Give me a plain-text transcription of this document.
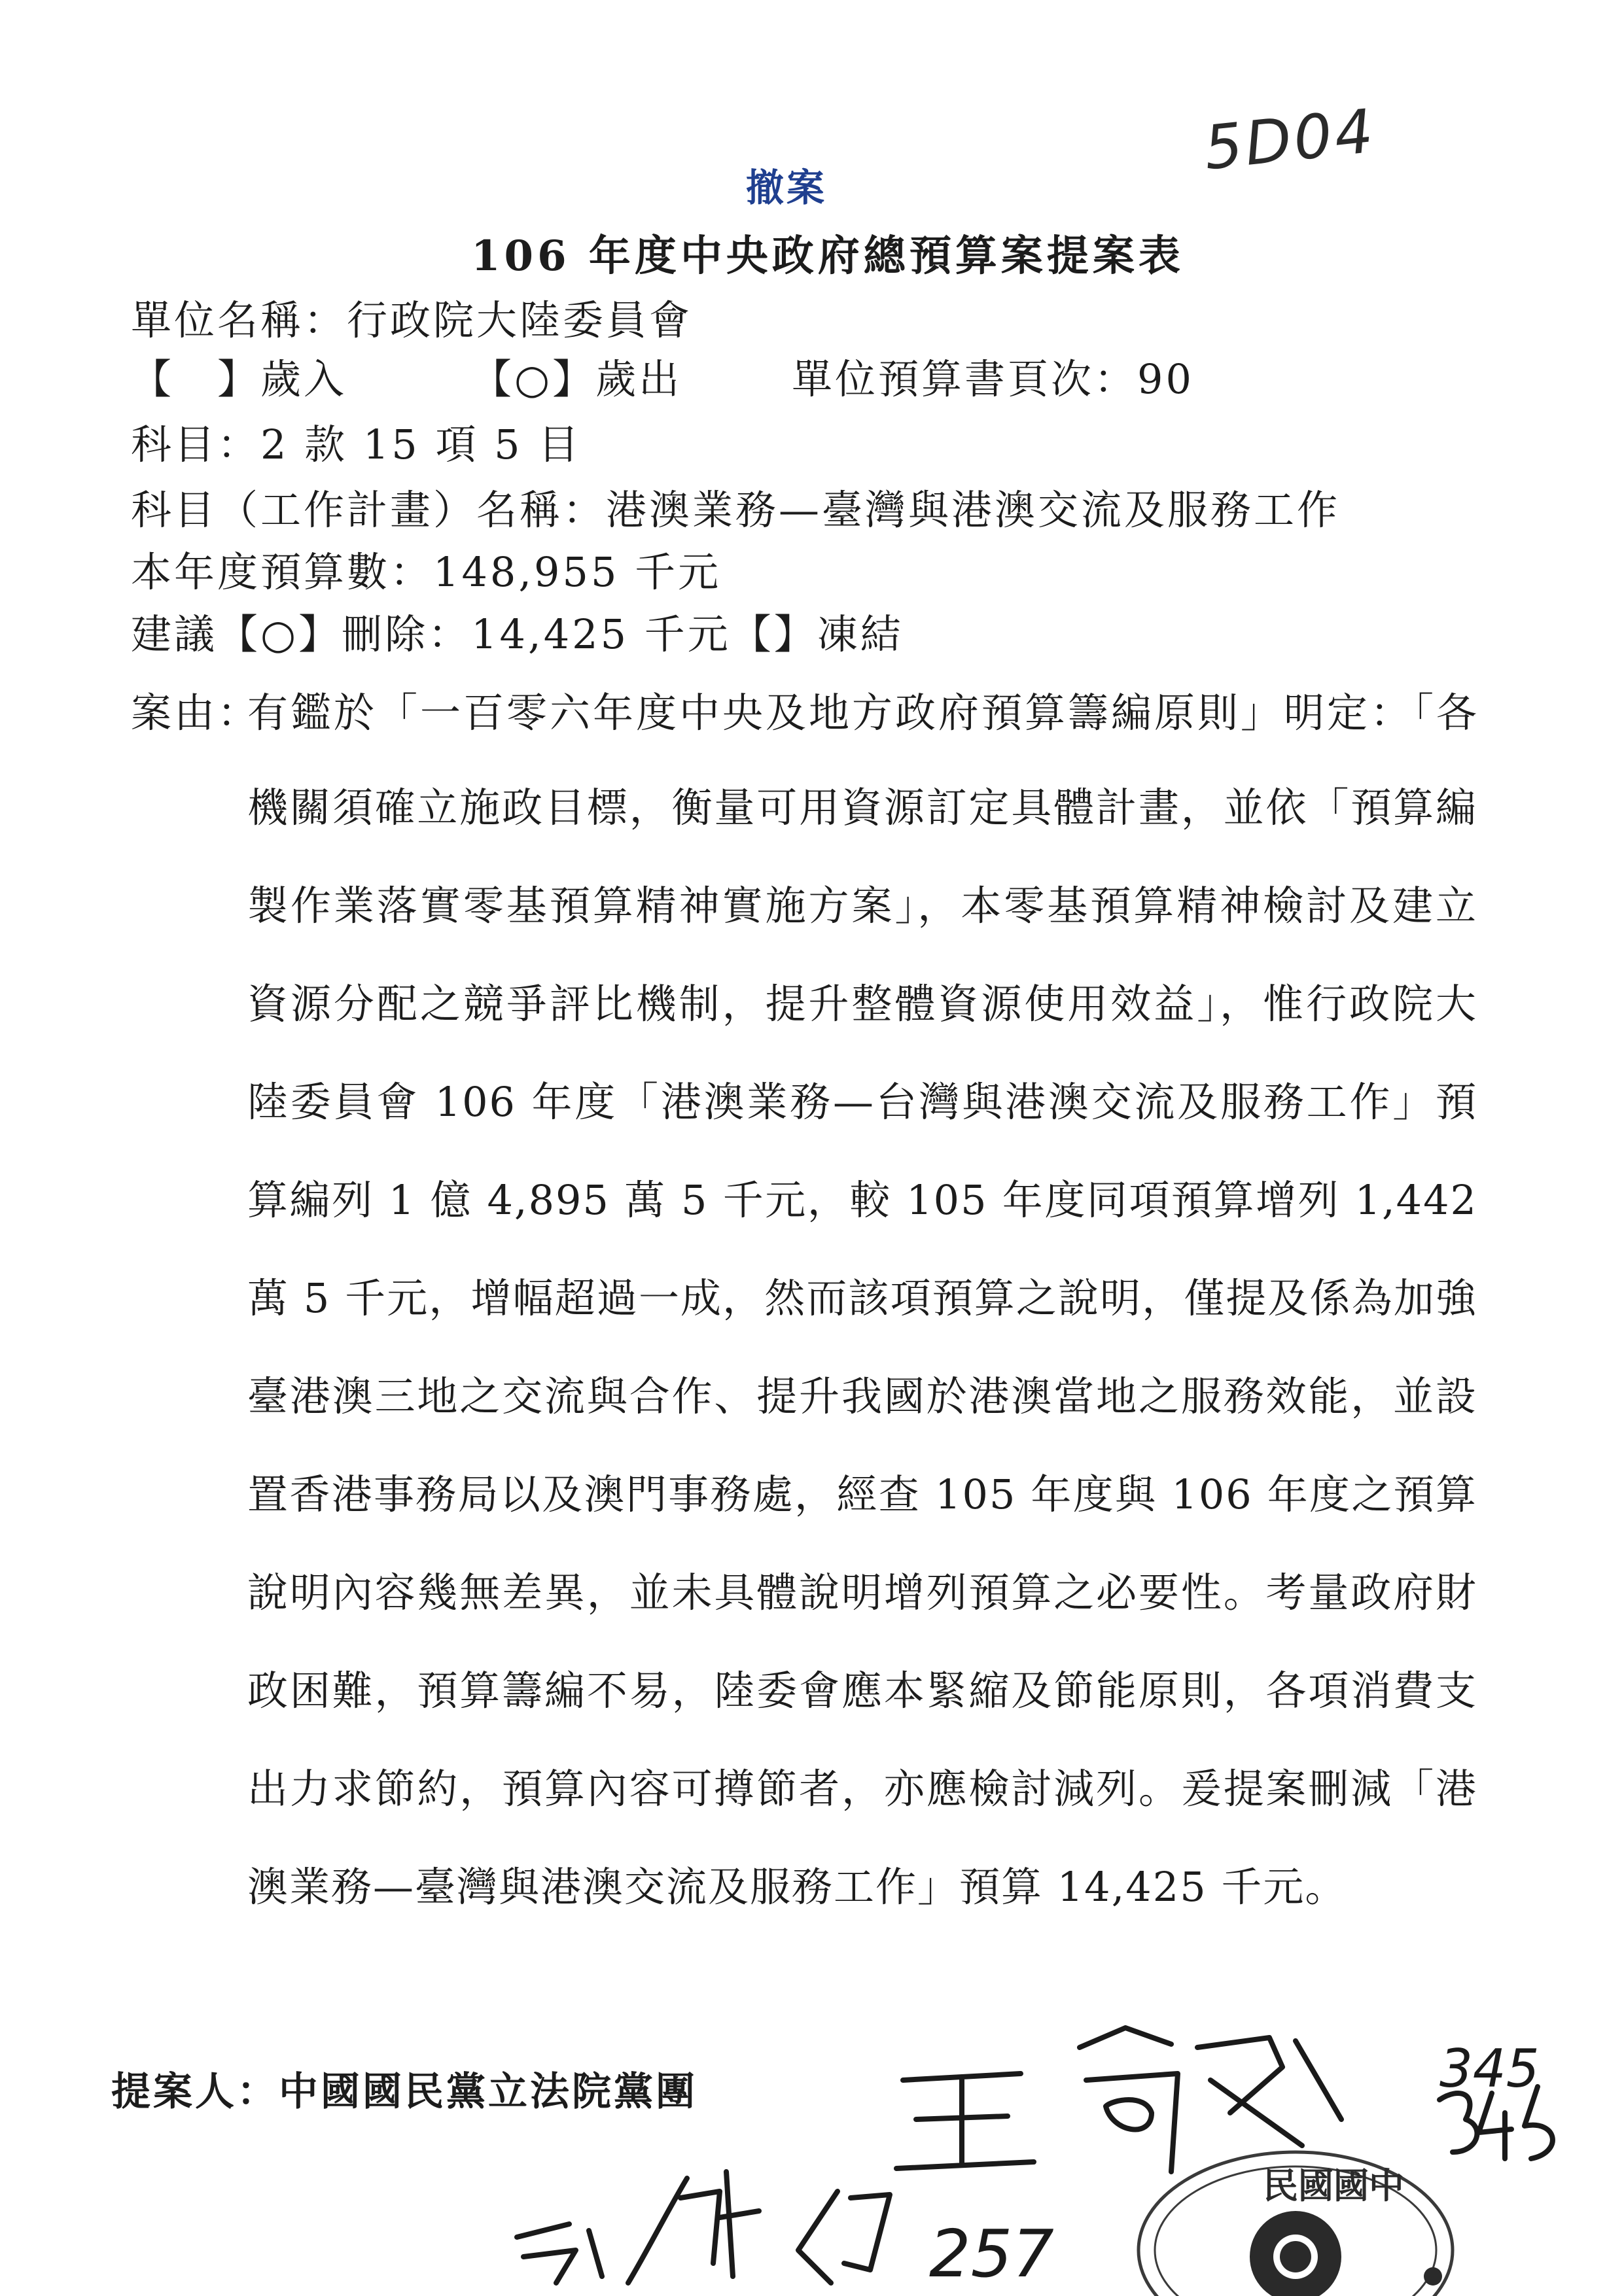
5D04
撤案
106 年度中央政府總預算案提案表
單位名稱：行政院大陸委員會
【　】歲入	【○】歲出	單位預算書頁次：90
科目：2 款 15 項 5 目
科目（工作計畫）名稱：港澳業務—臺灣與港澳交流及服務工作
本年度預算數：148,955 千元
建議【○】刪除：14,425 千元【】凍結
案由：
有鑑於「一百零六年度中央及地方政府預算籌編原則」明定：「各
機關須確立施政目標，衡量可用資源訂定具體計畫，並依「預算編製作業落實零基預算精神實施方案」，本零基預算精神檢討及建立資源分配之競爭評比機制，提升整體資源使用效益」，惟行政院大陸委員會 106 年度「港澳業務—台灣與港澳交流及服務工作」預算編列 1 億 4,895 萬 5 千元，較 105 年度同項預算增列 1,442 萬 5 千元，增幅超過一成，然而該項預算之說明，僅提及係為加強臺港澳三地之交流與合作、提升我國於港澳當地之服務效能，並設置香港事務局以及澳門事務處，經查 105 年度與 106 年度之預算說明內容幾無差異，並未具體說明增列預算之必要性。考量政府財政困難，預算籌編不易，陸委會應本緊縮及節能原則，各項消費支出力求節約，預算內容可撙節者，亦應檢討減列。爰提案刪減「港澳業務—臺灣與港澳交流及服務工作」預算 14,425 千元。
提案人：中國國民黨立法院黨團
257
民國國中
345
